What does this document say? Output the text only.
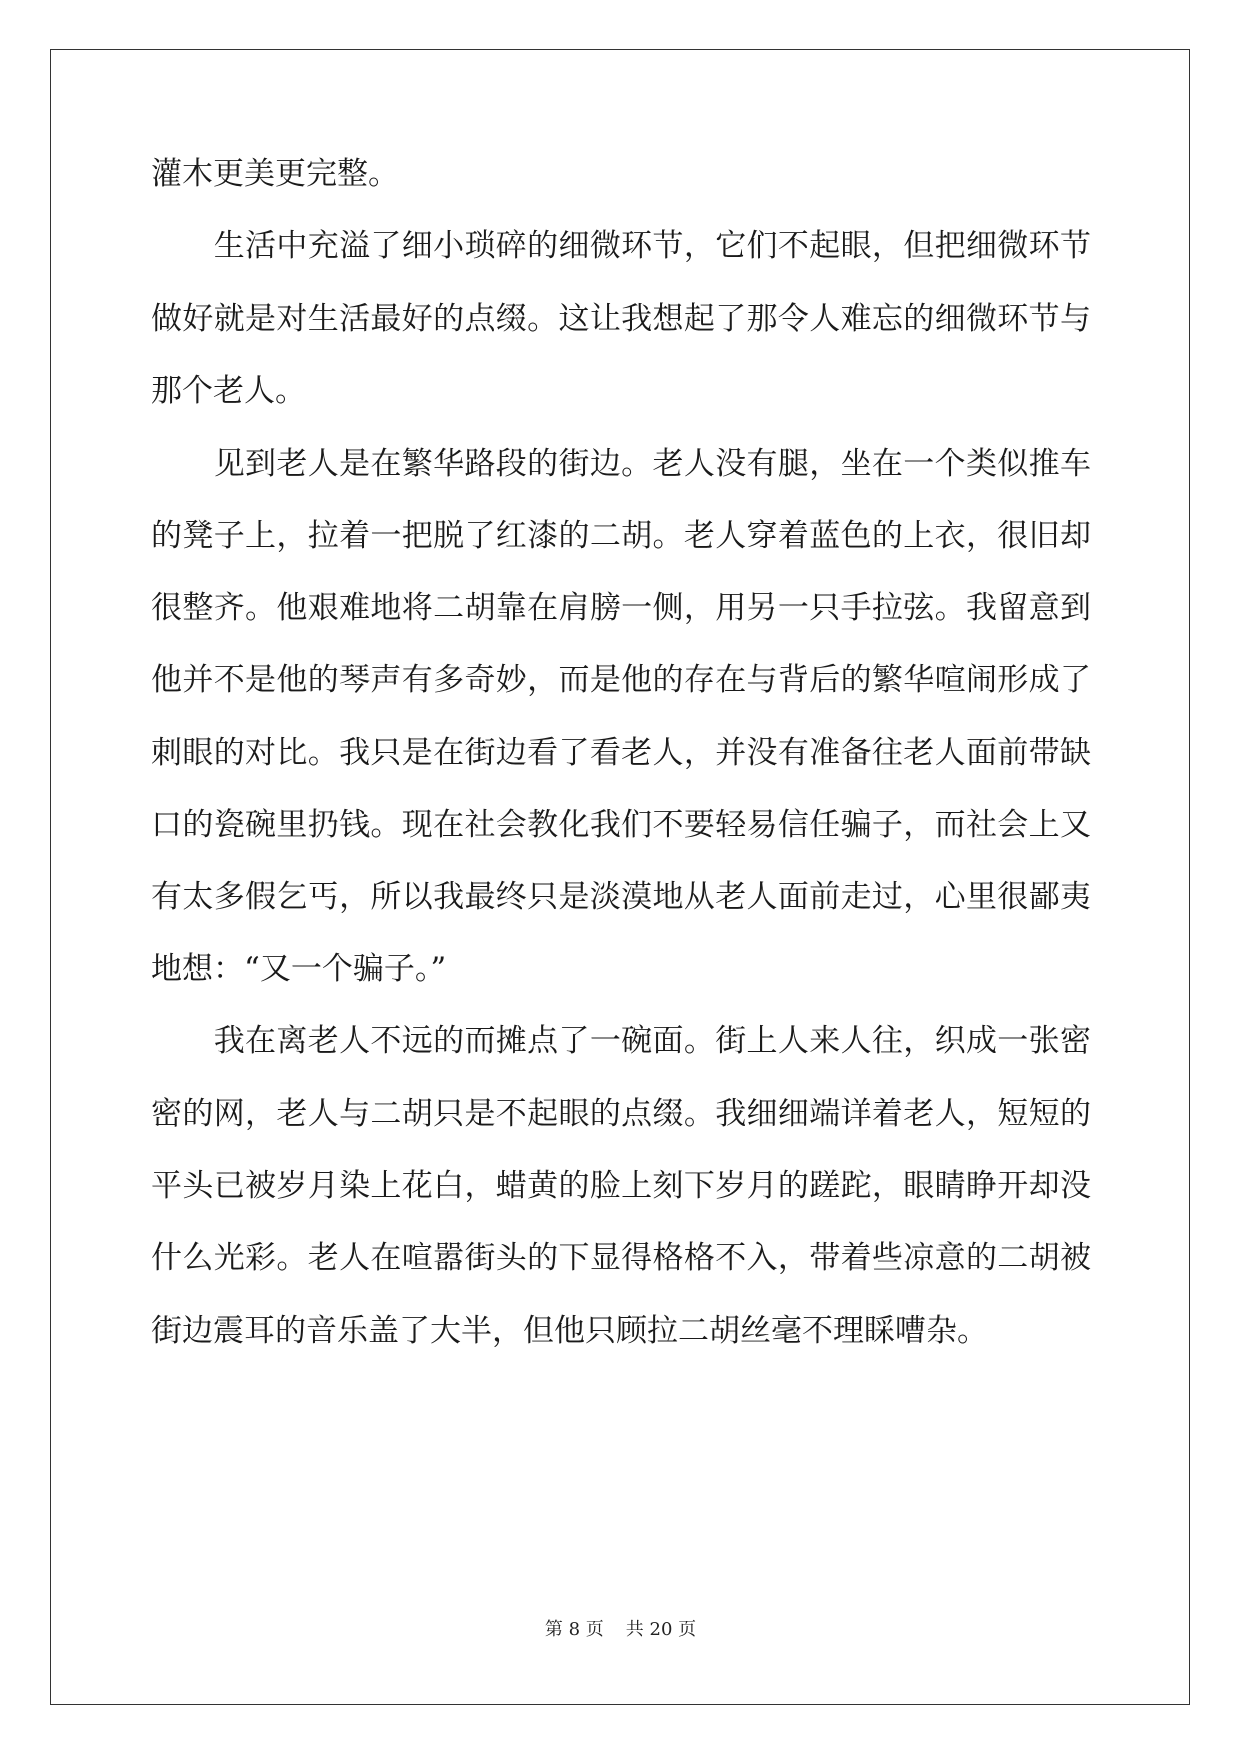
灌木更美更完整。
　　生活中充溢了细小琐碎的细微环节，它们不起眼，但把细微环节
做好就是对生活最好的点缀。这让我想起了那令人难忘的细微环节与
那个老人。
　　见到老人是在繁华路段的街边。老人没有腿，坐在一个类似推车
的凳子上，拉着一把脱了红漆的二胡。老人穿着蓝色的上衣，很旧却
很整齐。他艰难地将二胡靠在肩膀一侧，用另一只手拉弦。我留意到
他并不是他的琴声有多奇妙，而是他的存在与背后的繁华喧闹形成了
刺眼的对比。我只是在街边看了看老人，并没有准备往老人面前带缺
口的瓷碗里扔钱。现在社会教化我们不要轻易信任骗子，而社会上又
有太多假乞丐，所以我最终只是淡漠地从老人面前走过，心里很鄙夷
地想：“又一个骗子。”
　　我在离老人不远的而摊点了一碗面。街上人来人往，织成一张密
密的网，老人与二胡只是不起眼的点缀。我细细端详着老人，短短的
平头已被岁月染上花白，蜡黄的脸上刻下岁月的蹉跎，眼睛睁开却没
什么光彩。老人在喧嚣街头的下显得格格不入，带着些凉意的二胡被
街边震耳的音乐盖了大半，但他只顾拉二胡丝毫不理睬嘈杂。
第 8 页 共 20 页
